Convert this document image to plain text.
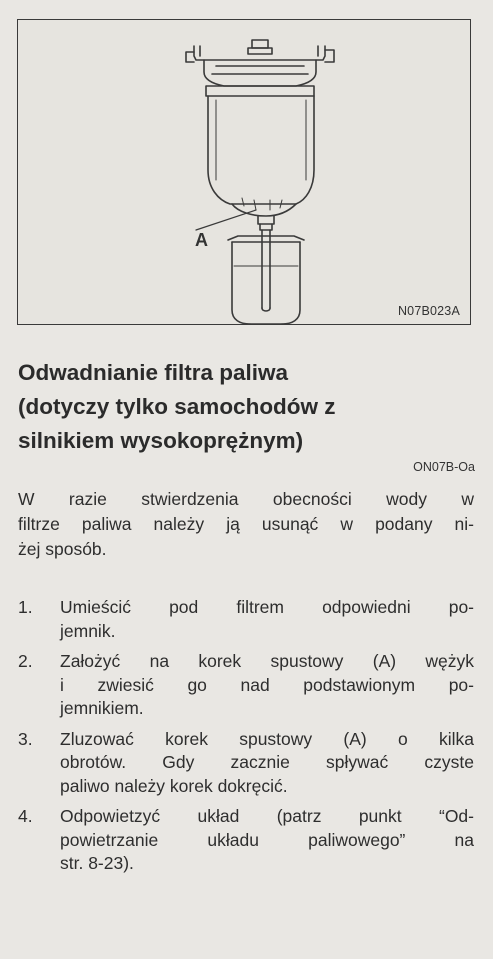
A
N07B023A
Odwadnianie filtra paliwa
(dotyczy tylko samochodów z
silnikiem wysokoprężnym)
ON07B-Oa
W razie stwierdzenia obecności wody w
filtrze paliwa należy ją usunąć w podany ni-
żej sposób.
1. Umieścić pod filtrem odpowiedni po-
jemnik.
2. Założyć na korek spustowy (A) wężyk
i zwiesić go nad podstawionym po-
jemnikiem.
3. Zluzować korek spustowy (A) o kilka
obrotów. Gdy zacznie spływać czyste
paliwo należy korek dokręcić.
4. Odpowietzyć układ (patrz punkt “Od-
powietrzanie układu paliwowego” na
str. 8-23).
